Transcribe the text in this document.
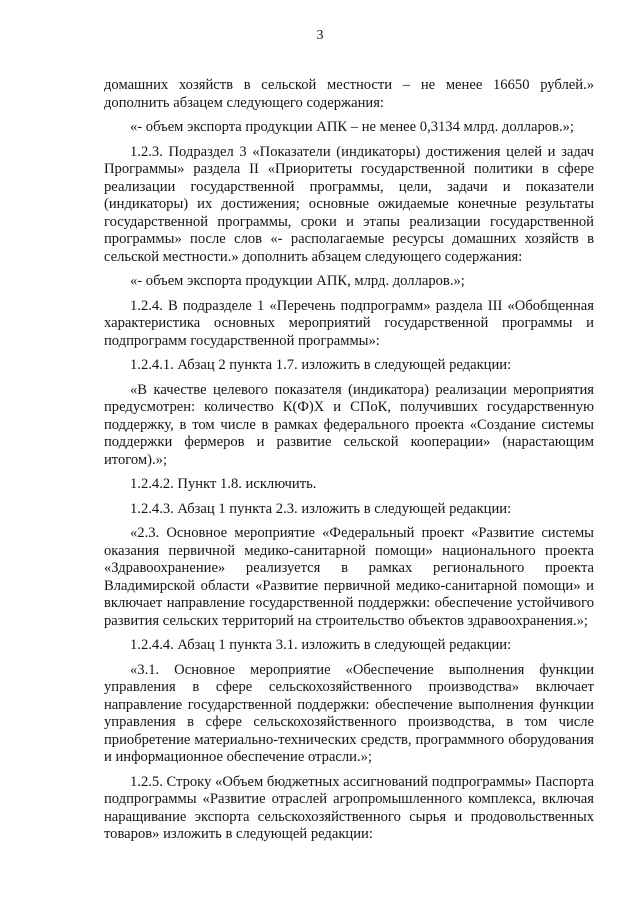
3

домашних хозяйств в сельской местности – не менее 16650 рублей.» дополнить абзацем следующего содержания:

«- объем экспорта продукции АПК – не менее 0,3134 млрд. долларов.»;

1.2.3. Подраздел 3 «Показатели (индикаторы) достижения целей и задач Программы» раздела II «Приоритеты государственной политики в сфере реализации государственной программы, цели, задачи и показатели (индикаторы) их достижения; основные ожидаемые конечные результаты государственной программы, сроки и этапы реализации государственной программы» после слов «- располагаемые ресурсы домашних хозяйств в сельской местности.» дополнить абзацем следующего содержания:

«- объем экспорта продукции АПК, млрд. долларов.»;

1.2.4. В подразделе 1 «Перечень подпрограмм» раздела III «Обобщенная характеристика основных мероприятий государственной программы и подпрограмм государственной программы»:

1.2.4.1. Абзац 2 пункта 1.7. изложить в следующей редакции:

«В качестве целевого показателя (индикатора) реализации мероприятия предусмотрен: количество К(Ф)Х и СПоК, получивших государственную поддержку, в том числе в рамках федерального проекта «Создание системы поддержки фермеров и развитие сельской кооперации» (нарастающим итогом).»;

1.2.4.2. Пункт 1.8. исключить.

1.2.4.3. Абзац 1 пункта 2.3. изложить в следующей редакции:

«2.3. Основное мероприятие «Федеральный проект «Развитие системы оказания первичной медико-санитарной помощи» национального проекта «Здравоохранение» реализуется в рамках регионального проекта Владимирской области «Развитие первичной медико-санитарной помощи» и включает направление государственной поддержки: обеспечение устойчивого развития сельских территорий на строительство объектов здравоохранения.»;

1.2.4.4. Абзац 1 пункта 3.1. изложить в следующей редакции:

«3.1. Основное мероприятие «Обеспечение выполнения функции управления в сфере сельскохозяйственного производства» включает направление государственной поддержки: обеспечение выполнения функции управления в сфере сельскохозяйственного производства, в том числе приобретение материально-технических средств, программного оборудования и информационное обеспечение отрасли.»;

1.2.5. Строку «Объем бюджетных ассигнований подпрограммы» Паспорта подпрограммы «Развитие отраслей агропромышленного комплекса, включая наращивание экспорта сельскохозяйственного сырья и продовольственных товаров» изложить в следующей редакции:
